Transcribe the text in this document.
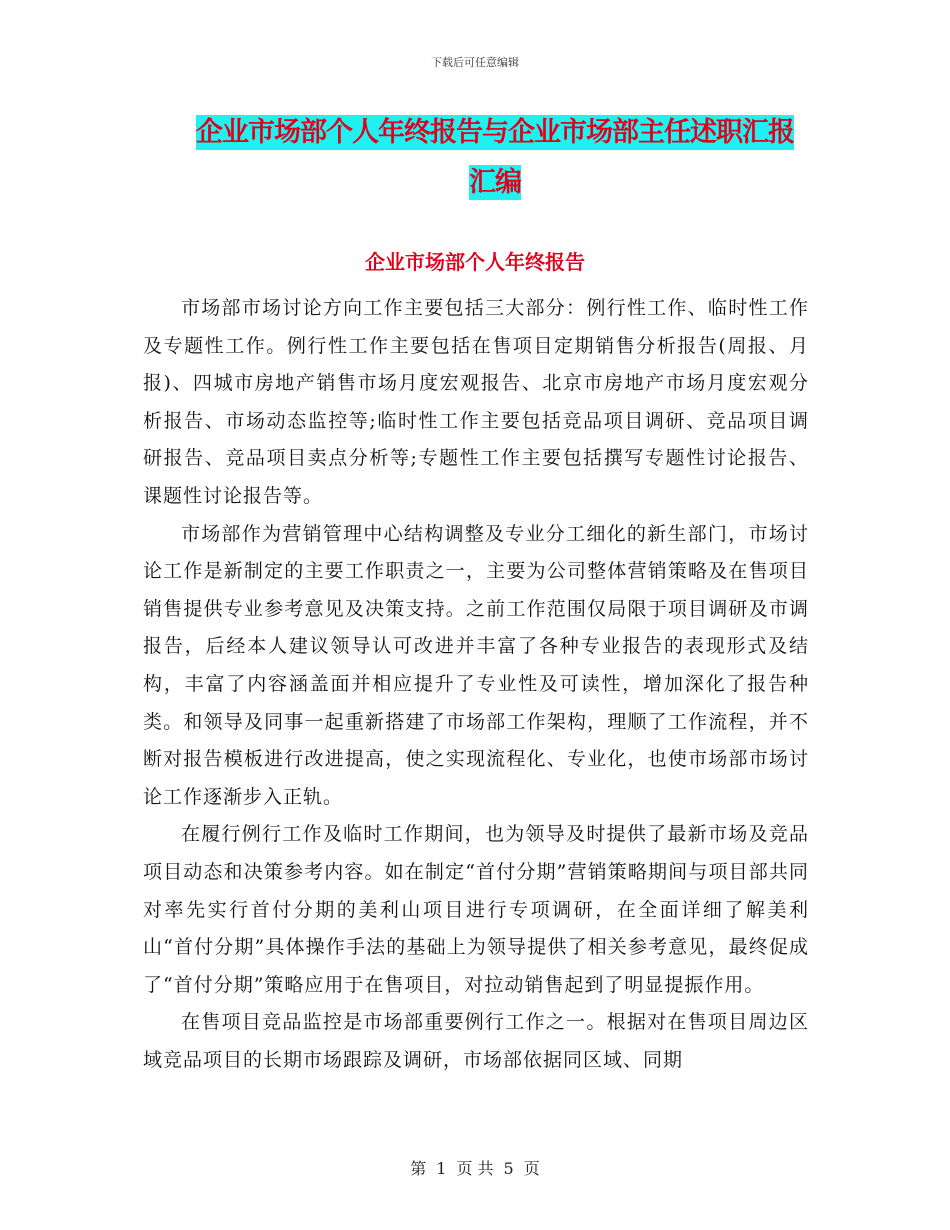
下载后可任意编辑
企业市场部个人年终报告与企业市场部主任述职汇报
汇编
企业市场部个人年终报告

市场部市场讨论方向工作主要包括三大部分：例行性工作、临时性工作及专题性工作。例行性工作主要包括在售项目定期销售分析报告(周报、月报)、四城市房地产销售市场月度宏观报告、北京市房地产市场月度宏观分析报告、市场动态监控等;临时性工作主要包括竞品项目调研、竞品项目调研报告、竞品项目卖点分析等;专题性工作主要包括撰写专题性讨论报告、课题性讨论报告等。

市场部作为营销管理中心结构调整及专业分工细化的新生部门，市场讨论工作是新制定的主要工作职责之一，主要为公司整体营销策略及在售项目销售提供专业参考意见及决策支持。之前工作范围仅局限于项目调研及市调报告，后经本人建议领导认可改进并丰富了各种专业报告的表现形式及结构，丰富了内容涵盖面并相应提升了专业性及可读性，增加深化了报告种类。和领导及同事一起重新搭建了市场部工作架构，理顺了工作流程，并不断对报告模板进行改进提高，使之实现流程化、专业化，也使市场部市场讨论工作逐渐步入正轨。

在履行例行工作及临时工作期间，也为领导及时提供了最新市场及竞品项目动态和决策参考内容。如在制定“首付分期”营销策略期间与项目部共同对率先实行首付分期的美利山项目进行专项调研，在全面详细了解美利山“首付分期”具体操作手法的基础上为领导提供了相关参考意见，最终促成了“首付分期”策略应用于在售项目，对拉动销售起到了明显提振作用。

在售项目竞品监控是市场部重要例行工作之一。根据对在售项目周边区域竞品项目的长期市场跟踪及调研，市场部依据同区域、同期

第 1 页 共 5 页
